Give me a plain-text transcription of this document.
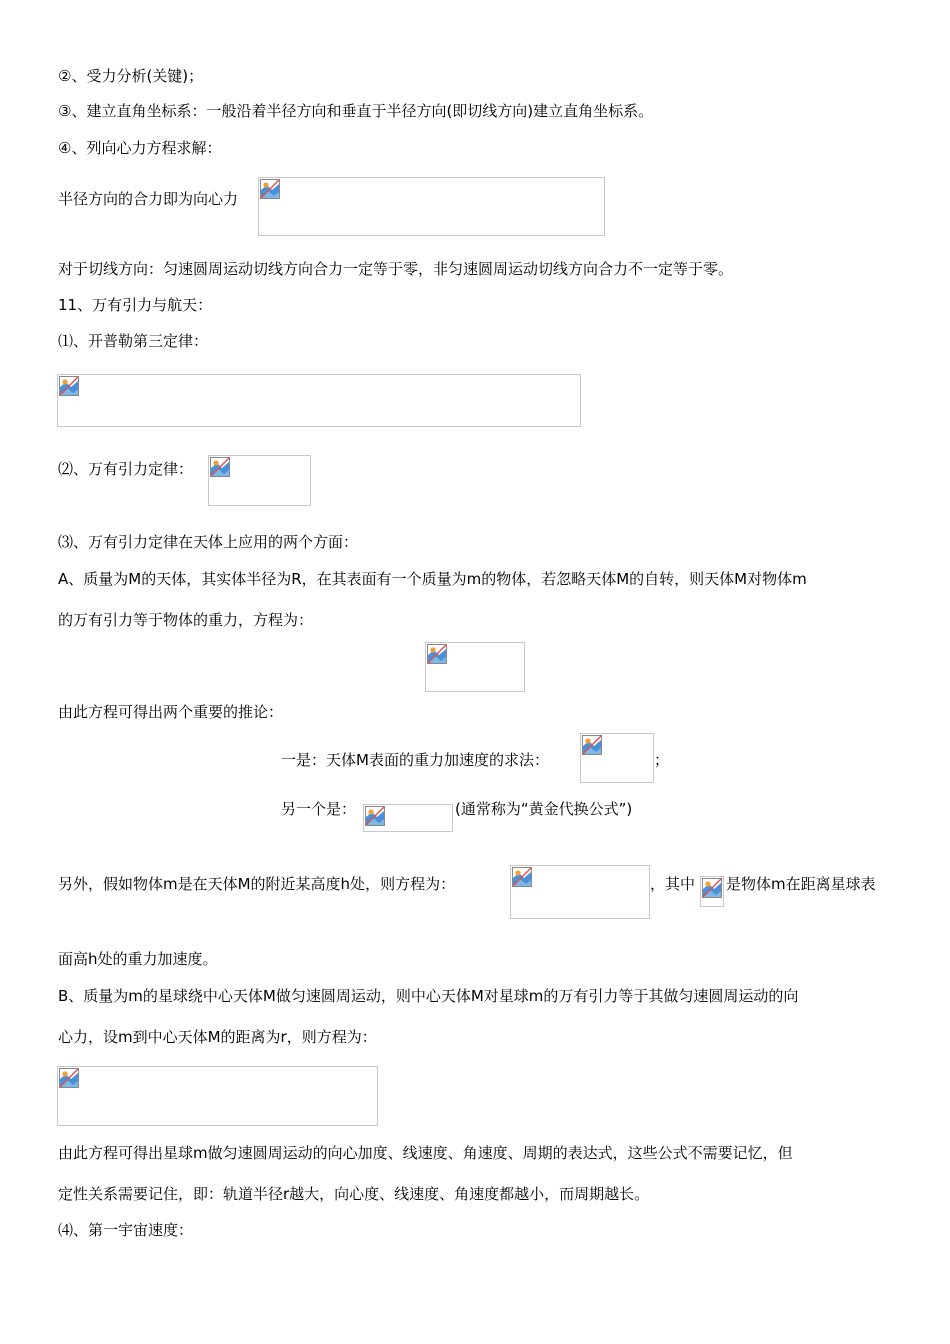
②、受力分析(关键)；
③、建立直角坐标系：一般沿着半径方向和垂直于半径方向(即切线方向)建立直角坐标系。
④、列向心力方程求解：
半径方向的合力即为向心力
对于切线方向：匀速圆周运动切线方向合力一定等于零，非匀速圆周运动切线方向合力不一定等于零。
11、万有引力与航天：
⑴、开普勒第三定律：
⑵、万有引力定律：
⑶、万有引力定律在天体上应用的两个方面：
A、质量为M的天体，其实体半径为R，在其表面有一个质量为m的物体，若忽略天体M的自转，则天体M对物体m
的万有引力等于物体的重力，方程为：
由此方程可得出两个重要的推论：
一是：天体M表面的重力加速度的求法：	；
另一个是：	(通常称为“黄金代换公式”)
另外，假如物体m是在天体M的附近某高度h处，则方程为：	，其中 是物体m在距离星球表
面高h处的重力加速度。
B、质量为m的星球绕中心天体M做匀速圆周运动，则中心天体M对星球m的万有引力等于其做匀速圆周运动的向
心力，设m到中心天体M的距离为r，则方程为：
由此方程可得出星球m做匀速圆周运动的向心加度、线速度、角速度、周期的表达式，这些公式不需要记忆，但
定性关系需要记住，即：轨道半径r越大，向心度、线速度、角速度都越小，而周期越长。
⑷、第一宇宙速度：
